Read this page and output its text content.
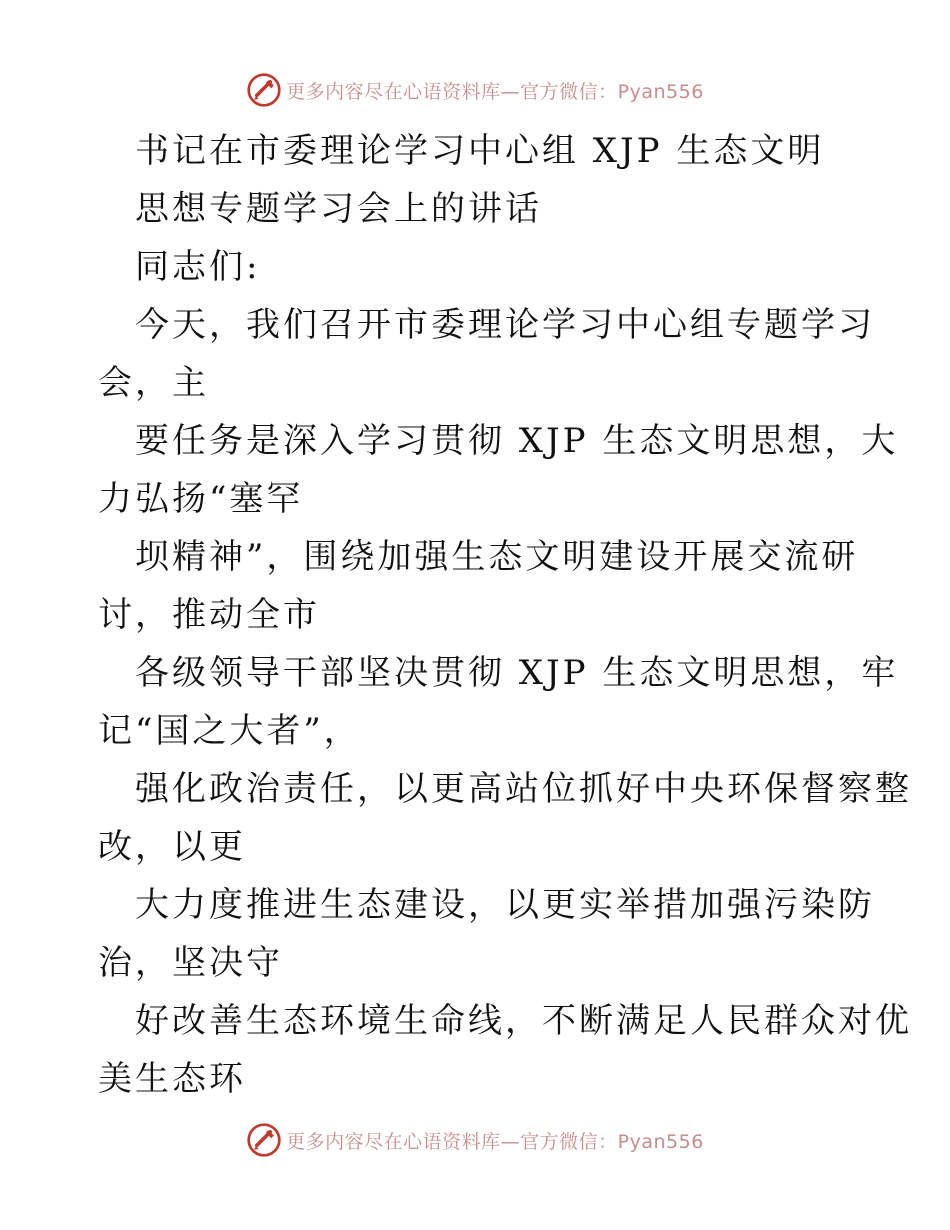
更多内容尽在心语资料库—官方微信：Pyan556
书记在市委理论学习中心组 XJP 生态文明
思想专题学习会上的讲话
同志们:
今天，我们召开市委理论学习中心组专题学习
会，主
要任务是深入学习贯彻 XJP 生态文明思想，大
力弘扬“塞罕
坝精神”，围绕加强生态文明建设开展交流研
讨，推动全市
各级领导干部坚决贯彻 XJP 生态文明思想，牢
记“国之大者”，
强化政治责任，以更高站位抓好中央环保督察整
改，以更
大力度推进生态建设，以更实举措加强污染防
治，坚决守
好改善生态环境生命线，不断满足人民群众对优
美生态环
更多内容尽在心语资料库—官方微信：Pyan556
